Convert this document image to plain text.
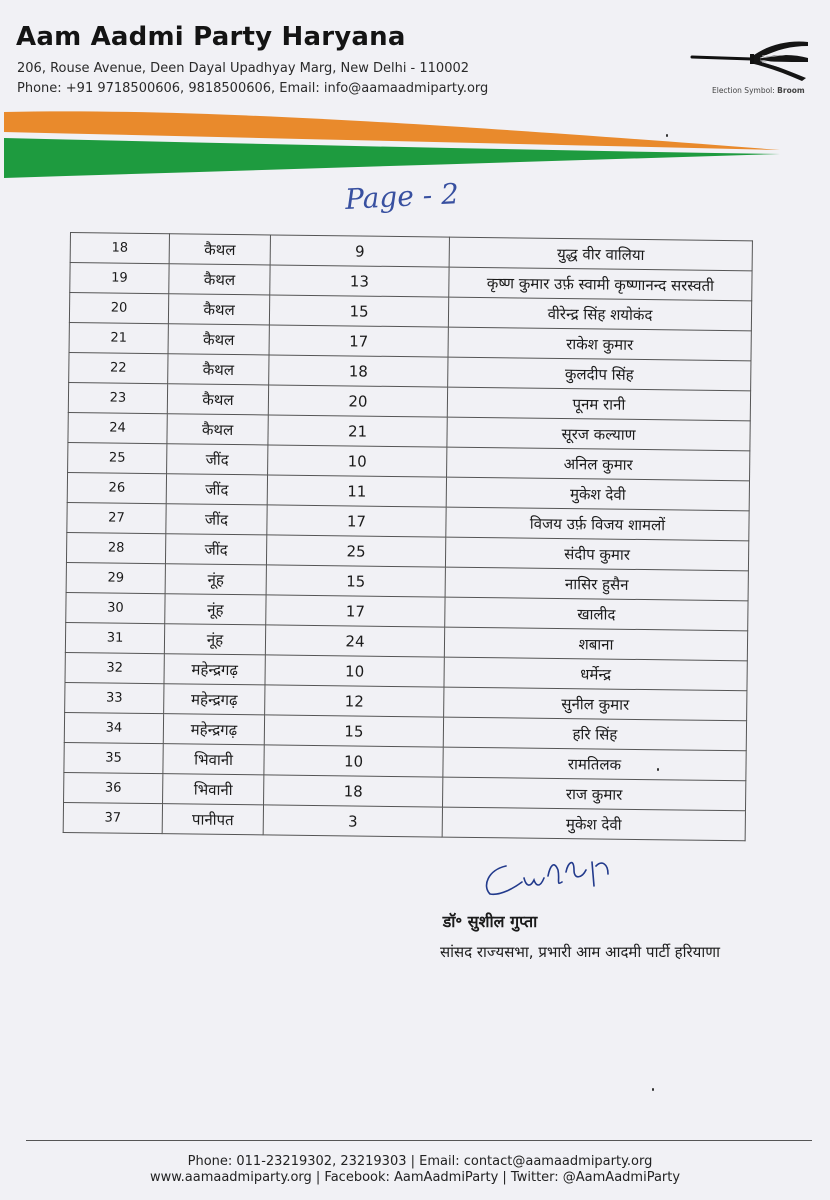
Aam Aadmi Party Haryana
206, Rouse Avenue, Deen Dayal Upadhyay Marg, New Delhi - 110002
Phone: +91 9718500606, 9818500606, Email: info@aamaadmiparty.org	Election Symbol: Broom
Page - 2
18	कैथल	9	युद्ध वीर वालिया
19	कैथल	13	कृष्ण कुमार उर्फ़ स्वामी कृष्णानन्द सरस्वती
20	कैथल	15	वीरेन्द्र सिंह शयोकंद
21	कैथल	17	राकेश कुमार
22	कैथल	18	कुलदीप सिंह
23	कैथल	20	पूनम रानी
24	कैथल	21	सूरज कल्याण
25	जींद	10	अनिल कुमार
26	जींद	11	मुकेश देवी
27	जींद	17	विजय उर्फ़ विजय शामलों
28	जींद	25	संदीप कुमार
29	नूंह	15	नासिर हुसैन
30	नूंह	17	खालीद
31	नूंह	24	शबाना
32	महेन्द्रगढ़	10	धर्मेन्द्र
33	महेन्द्रगढ़	12	सुनील कुमार
34	महेन्द्रगढ़	15	हरि सिंह
35	भिवानी	10	रामतिलक
36	भिवानी	18	राज कुमार
37	पानीपत	3	मुकेश देवी
डॉ॰ सुशील गुप्ता
सांसद राज्यसभा, प्रभारी आम आदमी पार्टी हरियाणा
Phone: 011-23219302, 23219303 | Email: contact@aamaadmiparty.org
www.aamaadmiparty.org | Facebook: AamAadmiParty | Twitter: @AamAadmiParty
